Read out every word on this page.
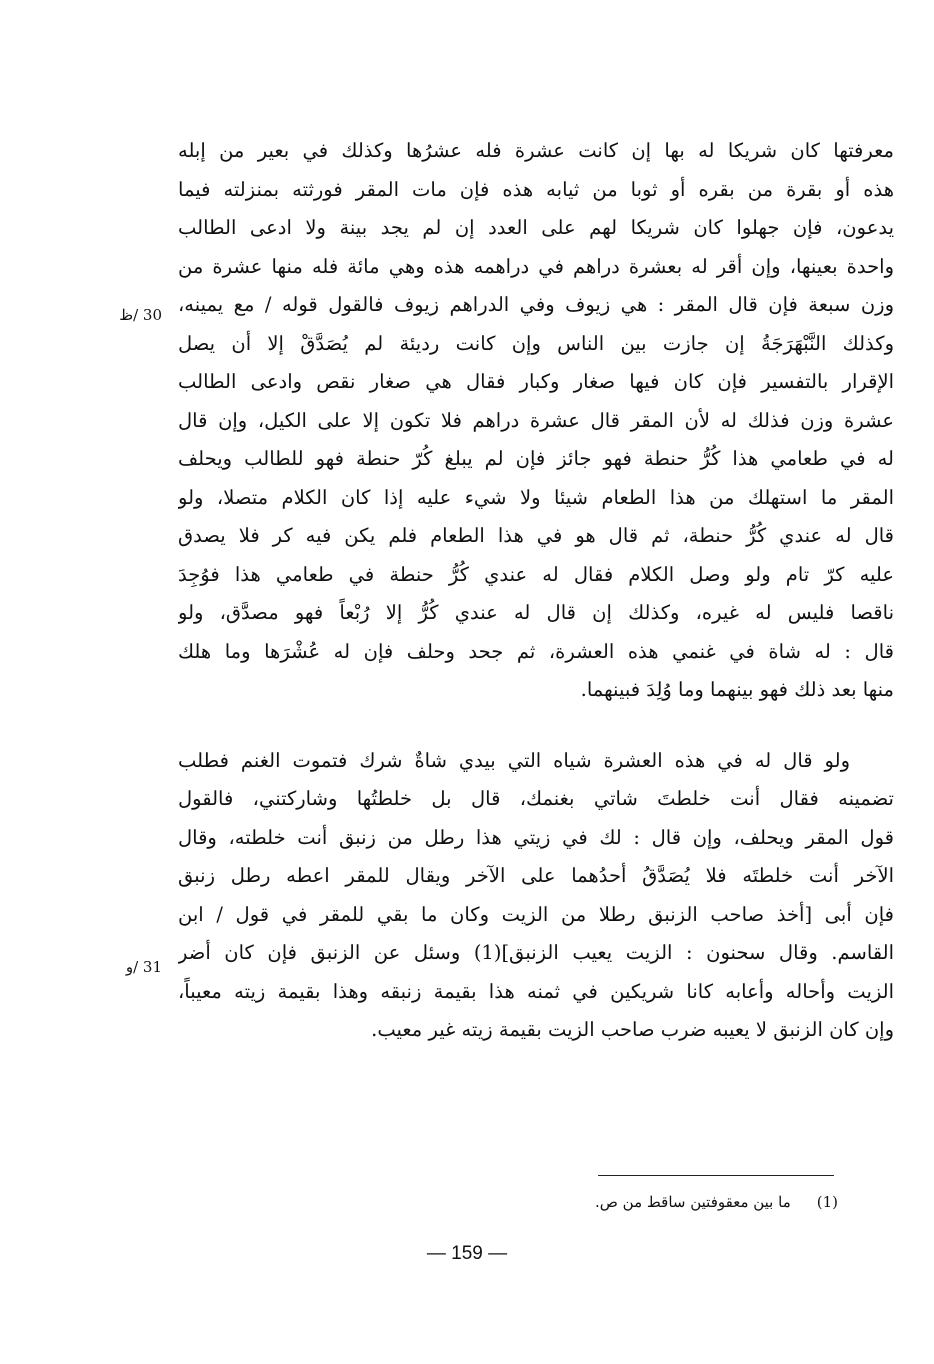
معرفتها كان شريكا له بها إن كانت عشرة فله عشرُها وكذلك في بعير من إبله
هذه أو بقرة من بقره أو ثوبا من ثيابه هذه فإن مات المقر فورثته بمنزلته فيما
يدعون، فإن جهلوا كان شريكا لهم على العدد إن لم يجد بينة ولا ادعى الطالب
واحدة بعينها، وإن أقر له بعشرة دراهم في دراهمه هذه وهي مائة فله منها عشرة من
وزن سبعة فإن قال المقر : هي زيوف وفي الدراهم زيوف فالقول قوله / مع يمينه،
وكذلك النَّبْهَرَجَةُ إن جازت بين الناس وإن كانت رديئة لم يُصَدَّقْ إلا أن يصل
الإقرار بالتفسير فإن كان فيها صغار وكبار فقال هي صغار نقص وادعى الطالب
عشرة وزن فذلك له لأن المقر قال عشرة دراهم فلا تكون إلا على الكيل، وإن قال
له في طعامي هذا كُرُّ حنطة فهو جائز فإن لم يبلغ كُرّ حنطة فهو للطالب ويحلف
المقر ما استهلك من هذا الطعام شيئا ولا شيء عليه إذا كان الكلام متصلا، ولو
قال له عندي كُرُّ حنطة، ثم قال هو في هذا الطعام فلم يكن فيه كر فلا يصدق
عليه كرّ تام ولو وصل الكلام فقال له عندي كُرُّ حنطة في طعامي هذا فوُجِدَ
ناقصا فليس له غيره، وكذلك إن قال له عندي كُرُّ إلا رُبْعاً فهو مصدَّق، ولو
قال : له شاة في غنمي هذه العشرة، ثم جحد وحلف فإن له عُشْرَها وما هلك
منها بعد ذلك فهو بينهما وما وُلِدَ فبينهما.
ولو قال له في هذه العشرة شياه التي بيدي شاةٌ شرك فتموت الغنم فطلب
تضمينه فقال أنت خلطتَ شاتي بغنمك، قال بل خلطتُها وشاركتني، فالقول
قول المقر ويحلف، وإن قال : لك في زيتي هذا رطل من زنبق أنت خلطته، وقال
الآخر أنت خلطتَه فلا يُصَدَّقُ أحدُهما على الآخر ويقال للمقر اعطه رطل زنبق
فإن أبى [أخذ صاحب الزنبق رطلا من الزيت وكان ما بقي للمقر في قول / ابن
القاسم. وقال سحنون : الزيت يعيب الزنبق](1) وسئل عن الزنبق فإن كان أضر
الزيت وأحاله وأعابه كانا شريكين في ثمنه هذا بقيمة زنبقه وهذا بقيمة زيته معيباً،
وإن كان الزنبق لا يعيبه ضرب صاحب الزيت بقيمة زيته غير معيب.
30 /ظ
31 /و
(1)ما بين معقوفتين ساقط من ص.
— 159 —
